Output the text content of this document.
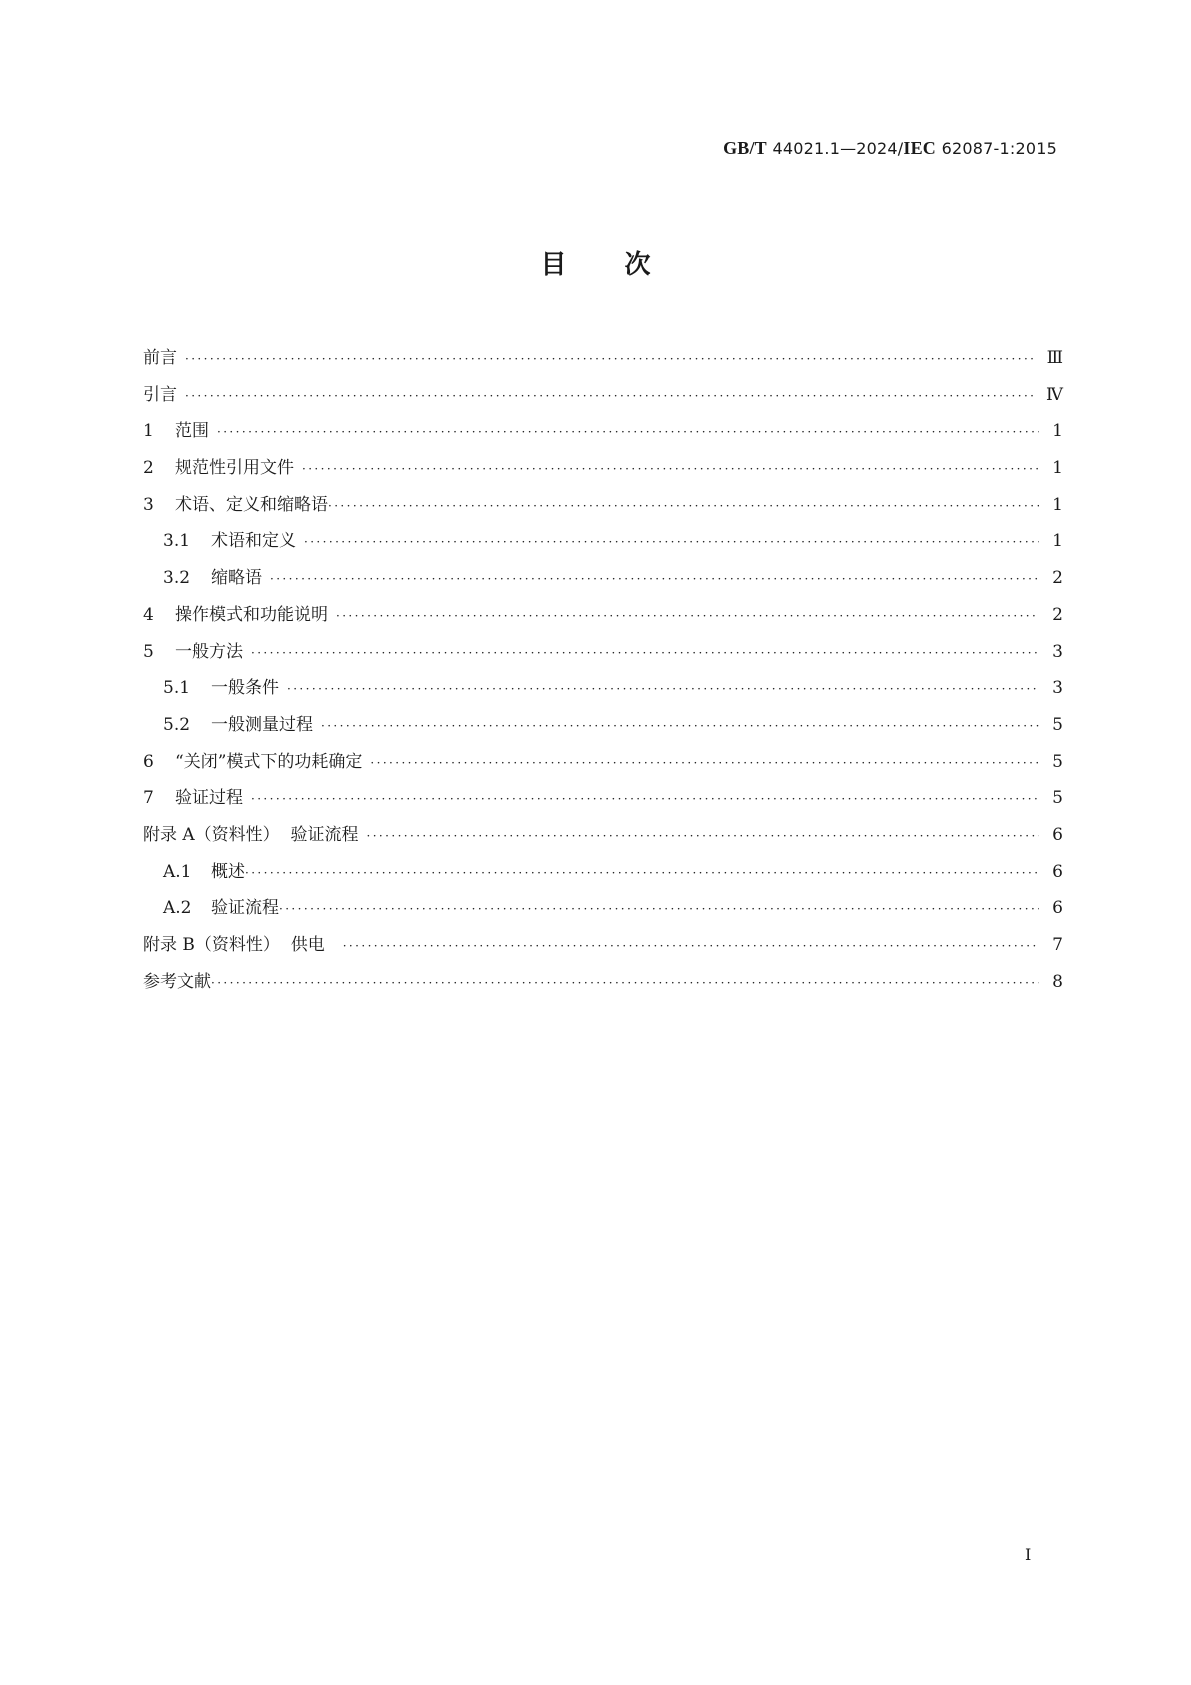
GB/T 44021.1—2024/IEC 62087-1:2015
目次
前言 ·····	Ⅲ
引言 ·····	Ⅳ
1 范围 ·····	1
2 规范性引用文件 ·····	1
3 术语、定义和缩略语 ·····	1
3.1 术语和定义 ·····	1
3.2 缩略语 ·····	2
4 操作模式和功能说明 ·····	2
5 一般方法 ·····	3
5.1 一般条件 ·····	3
5.2 一般测量过程 ·····	5
6 “关闭”模式下的功耗确定 ·····	5
7 验证过程 ·····	5
附录 A（资料性）  验证流程 ·····	6
A.1 概述 ·····	6
A.2 验证流程 ·····	6
附录 B（资料性）  供电 ·····	7
参考文献 ·····	8
I
